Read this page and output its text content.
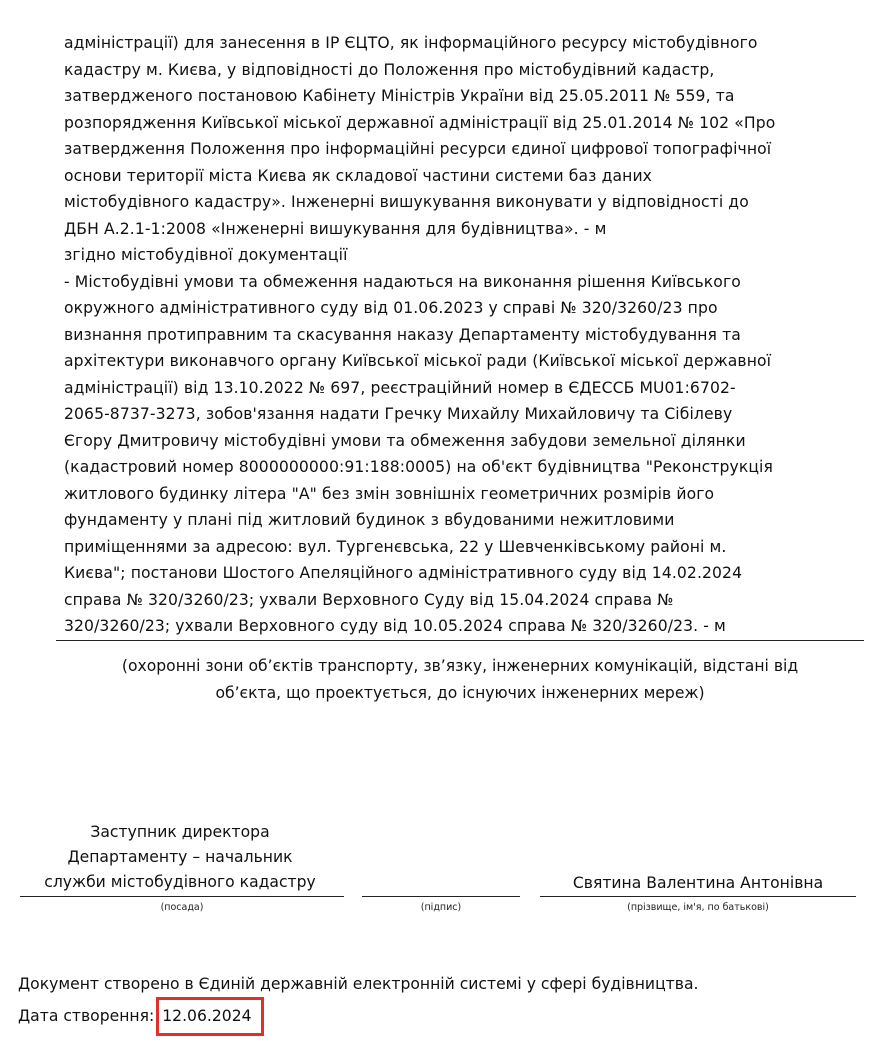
адміністрації) для занесення в ІР ЄЦТО, як інформаційного ресурсу містобудівного
кадастру м. Києва, у відповідності до Положення про містобудівний кадастр,
затвердженого постановою Кабінету Міністрів України від 25.05.2011 № 559, та
розпорядження Київської міської державної адміністрації від 25.01.2014 № 102 «Про
затвердження Положення про інформаційні ресурси єдиної цифрової топографічної
основи території міста Києва як складової частини системи баз даних
містобудівного кадастру». Інженерні вишукування виконувати у відповідності до
ДБН А.2.1-1:2008 «Інженерні вишукування для будівництва». - м
згідно містобудівної документації
- Містобудівні умови та обмеження надаються на виконання рішення Київського
окружного адміністративного суду від 01.06.2023 у справі № 320/3260/23 про
визнання протиправним та скасування наказу Департаменту містобудування та
архітектури виконавчого органу Київської міської ради (Київської міської державної
адміністрації) від 13.10.2022 № 697, реєстраційний номер в ЄДЕССБ MU01:6702-
2065-8737-3273, зобов'язання надати Гречку Михайлу Михайловичу та Сібілеву
Єгору Дмитровичу містобудівні умови та обмеження забудови земельної ділянки
(кадастровий номер 8000000000:91:188:0005) на об'єкт будівництва "Реконструкція
житлового будинку літера "А" без змін зовнішніх геометричних розмірів його
фундаменту у плані під житловий будинок з вбудованими нежитловими
приміщеннями за адресою: вул. Тургенєвська, 22 у Шевченківському районі м.
Києва"; постанови Шостого Апеляційного адміністративного суду від 14.02.2024
справа № 320/3260/23; ухвали Верховного Суду від 15.04.2024 справа №
320/3260/23; ухвали Верховного суду від 10.05.2024 справа № 320/3260/23. - м
(охоронні зони об’єктів транспорту, зв’язку, інженерних комунікацій, відстані від
об’єкта, що проектується, до існуючих інженерних мереж)
Заступник директора
Департаменту – начальник
служби містобудівного кадастру
(посада)	(підпис)
Святина Валентина Антонівна
(прізвище, ім'я, по батькові)
Документ створено в Єдиній державній електронній системі у сфері будівництва.
Дата створення: 12.06.2024
